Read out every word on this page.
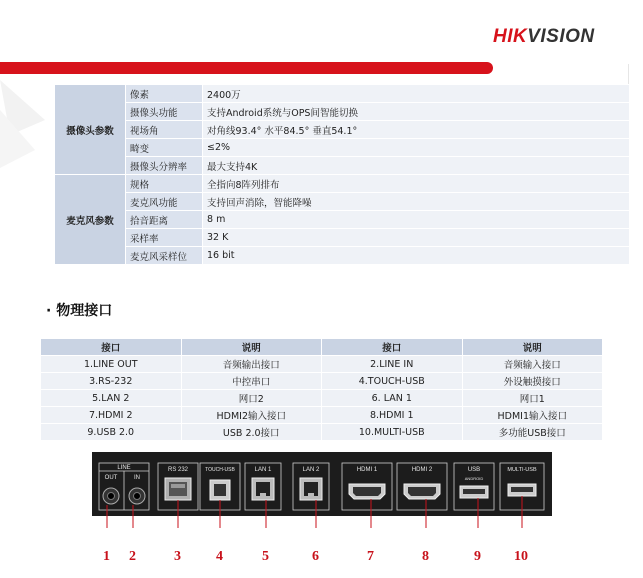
HIKVISION
摄像头参数	像素	2400万
	摄像头功能	支持Android系统与OPS间智能切换
	视场角	对角线93.4° 水平84.5° 垂直54.1°
	畸变	≤2%
	摄像头分辨率	最大支持4K
麦克风参数	规格	全指向8阵列排布
	麦克风功能	支持回声消除，智能降噪
	拾音距离	8 m
	采样率	32 K
	麦克风采样位	16 bit
· 物理接口
接口	说明	接口	说明
1.LINE OUT	音频输出接口	2.LINE IN	音频输入接口
3.RS-232	中控串口	4.TOUCH-USB	外设触摸接口
5.LAN 2	网口2	6. LAN 1	网口1
7.HDMI 2	HDMI2输入接口	8.HDMI 1	HDMI1输入接口
9.USB 2.0	USB 2.0接口	10.MULTI-USB	多功能USB接口
LINE
OUT	IN
RS 232	TOUCH-USB	LAN 1	LAN 2	HDMI 1	HDMI 2	USB
ANDROID
MULTI-USB
1 2	3	4	5	6	7	8	9 10
